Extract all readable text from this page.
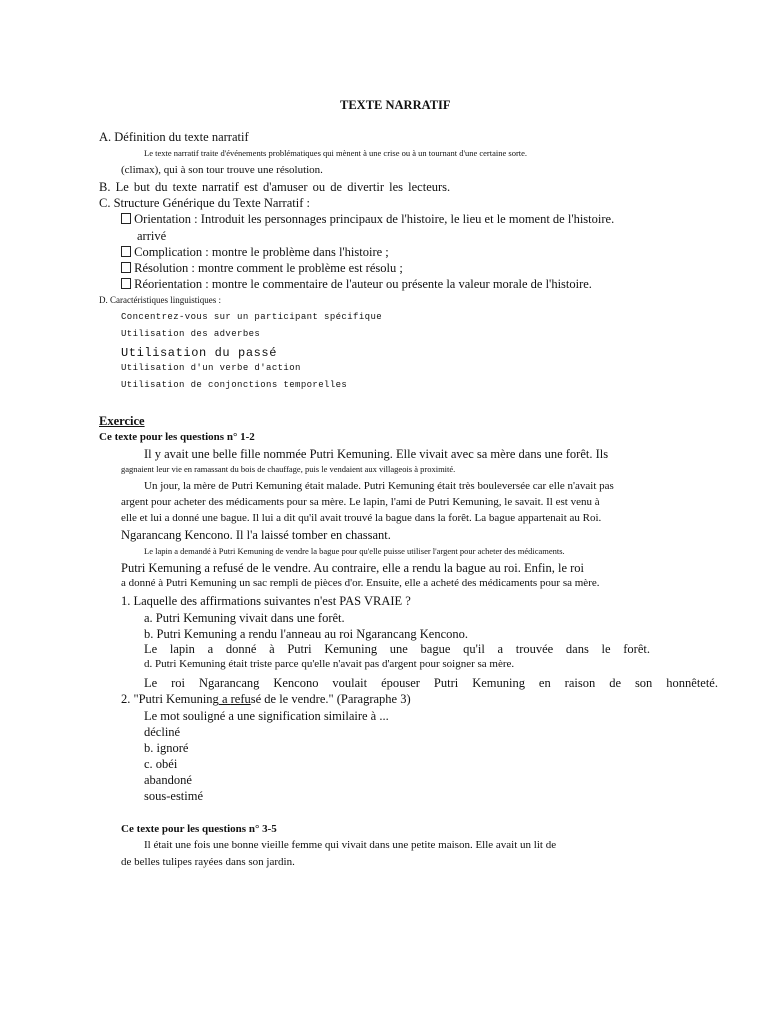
TEXTE NARRATIF
A. Définition du texte narratif
Le texte narratif traite d'événements problématiques qui mènent à une crise ou à un tournant d'une certaine sorte.
(climax), qui à son tour trouve une résolution.
B. Le but du texte narratif est d'amuser ou de divertir les lecteurs.
C. Structure Générique du Texte Narratif :
Orientation : Introduit les personnages principaux de l'histoire, le lieu et le moment de l'histoire.
arrivé
Complication : montre le problème dans l'histoire ;
Résolution : montre comment le problème est résolu ;
Réorientation : montre le commentaire de l'auteur ou présente la valeur morale de l'histoire.
D. Caractéristiques linguistiques :
Concentrez-vous sur un participant spécifique
Utilisation des adverbes
Utilisation du passé
Utilisation d'un verbe d'action
Utilisation de conjonctions temporelles
Exercice
Ce texte pour les questions n° 1-2
Il y avait une belle fille nommée Putri Kemuning. Elle vivait avec sa mère dans une forêt. Ils
gagnaient leur vie en ramassant du bois de chauffage, puis le vendaient aux villageois à proximité.
Un jour, la mère de Putri Kemuning était malade. Putri Kemuning était très bouleversée car elle n'avait pas
argent pour acheter des médicaments pour sa mère. Le lapin, l'ami de Putri Kemuning, le savait. Il est venu à
elle et lui a donné une bague. Il lui a dit qu'il avait trouvé la bague dans la forêt. La bague appartenait au Roi.
Ngarancang Kencono. Il l'a laissé tomber en chassant.
Le lapin a demandé à Putri Kemuning de vendre la bague pour qu'elle puisse utiliser l'argent pour acheter des médicaments.
Putri Kemuning a refusé de le vendre. Au contraire, elle a rendu la bague au roi. Enfin, le roi
a donné à Putri Kemuning un sac rempli de pièces d'or. Ensuite, elle a acheté des médicaments pour sa mère.
1. Laquelle des affirmations suivantes n'est PAS VRAIE ?
a. Putri Kemuning vivait dans une forêt.
b. Putri Kemuning a rendu l'anneau au roi Ngarancang Kencono.
Le lapin a donné à Putri Kemuning une bague qu'il a trouvée dans le forêt.
d. Putri Kemuning était triste parce qu'elle n'avait pas d'argent pour soigner sa mère.
Le roi Ngarancang Kencono voulait épouser Putri Kemuning en raison de son honnêteté.
2. "Putri Kemuning a refusé de le vendre." (Paragraphe 3)
Le mot souligné a une signification similaire à ...
décliné
b. ignoré
c. obéi
abandoné
sous-estimé
Ce texte pour les questions n° 3-5
Il était une fois une bonne vieille femme qui vivait dans une petite maison. Elle avait un lit de
de belles tulipes rayées dans son jardin.
